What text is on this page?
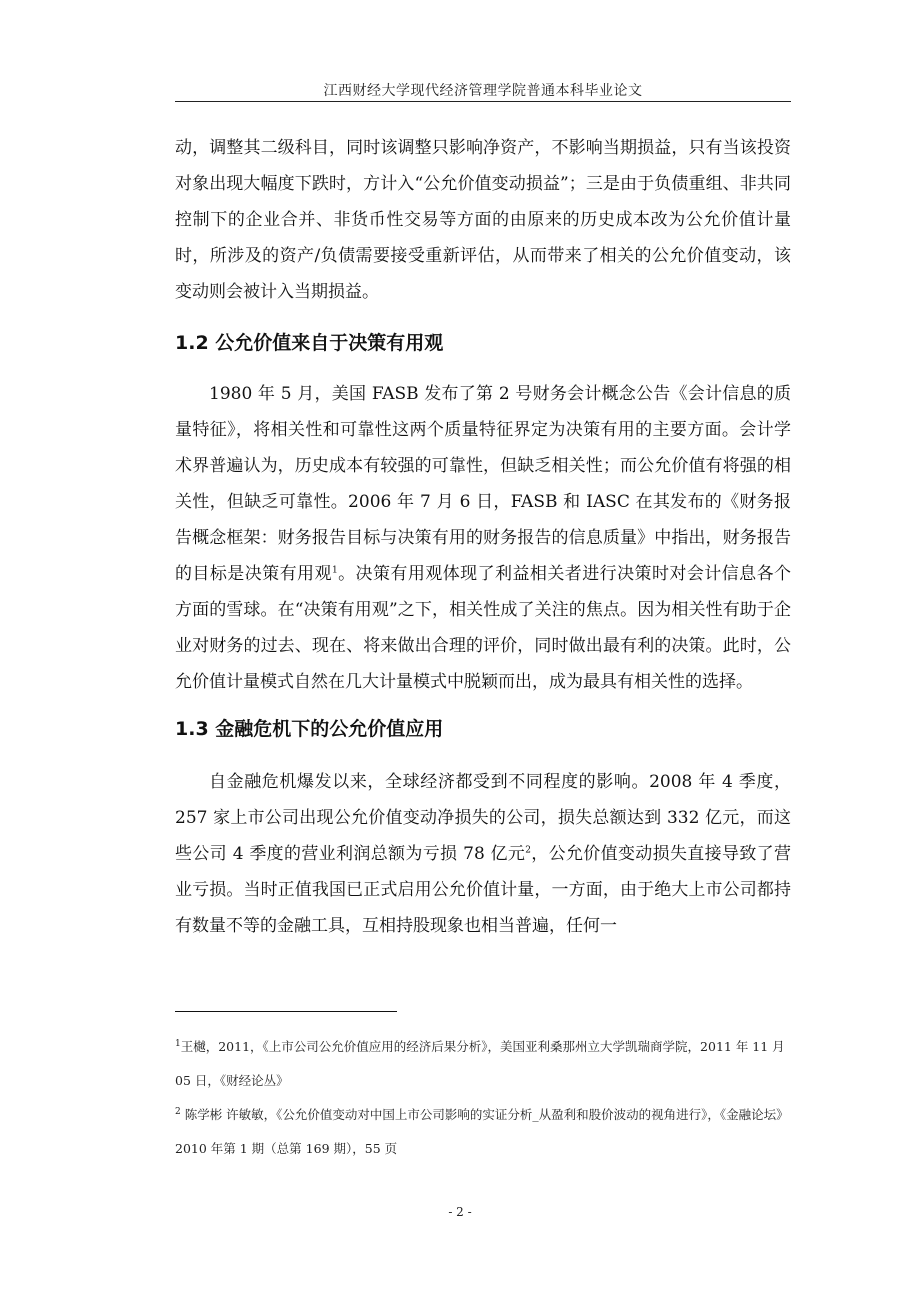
江西财经大学现代经济管理学院普通本科毕业论文

动，调整其二级科目，同时该调整只影响净资产，不影响当期损益，只有当该投资对象出现大幅度下跌时，方计入“公允价值变动损益”；三是由于负债重组、非共同控制下的企业合并、非货币性交易等方面的由原来的历史成本改为公允价值计量时，所涉及的资产/负债需要接受重新评估，从而带来了相关的公允价值变动，该变动则会被计入当期损益。

1.2 公允价值来自于决策有用观

1980 年 5 月，美国 FASB 发布了第 2 号财务会计概念公告《会计信息的质量特征》，将相关性和可靠性这两个质量特征界定为决策有用的主要方面。会计学术界普遍认为，历史成本有较强的可靠性，但缺乏相关性；而公允价值有将强的相关性，但缺乏可靠性。2006 年 7 月 6 日，FASB 和 IASC 在其发布的《财务报告概念框架：财务报告目标与决策有用的财务报告的信息质量》中指出，财务报告的目标是决策有用观$^1$。决策有用观体现了利益相关者进行决策时对会计信息各个方面的雪球。在“决策有用观”之下，相关性成了关注的焦点。因为相关性有助于企业对财务的过去、现在、将来做出合理的评价，同时做出最有利的决策。此时，公允价值计量模式自然在几大计量模式中脱颖而出，成为最具有相关性的选择。

1.3 金融危机下的公允价值应用

自金融危机爆发以来，全球经济都受到不同程度的影响。2008 年 4 季度，257 家上市公司出现公允价值变动净损失的公司，损失总额达到 332 亿元，而这些公司 4 季度的营业利润总额为亏损 78 亿元$^2$，公允价值变动损失直接导致了营业亏损。当时正值我国已正式启用公允价值计量，一方面，由于绝大上市公司都持有数量不等的金融工具，互相持股现象也相当普遍，任何一

$^1$王樾，2011，《上市公司公允价值应用的经济后果分析》，美国亚利桑那州立大学凯瑞商学院，2011 年 11 月 05 日，《财经论丛》

$^2$ 陈学彬 许敏敏，《公允价值变动对中国上市公司影响的实证分析_从盈利和股价波动的视角进行》，《金融论坛》2010 年第 1 期（总第 169 期），55 页

- 2 -
